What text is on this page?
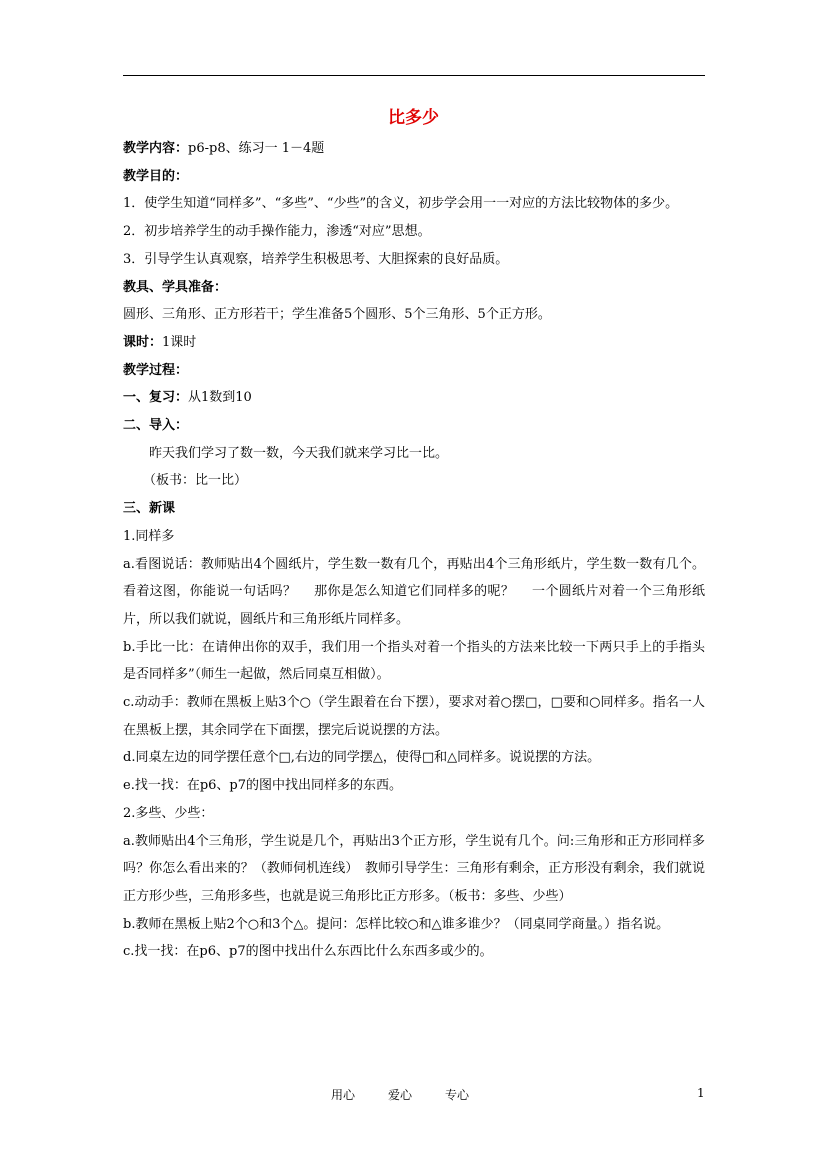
比多少
教学内容：p6-p8、练习一 1－4题
教学目的：
1．使学生知道“同样多”、“多些”、“少些”的含义，初步学会用一一对应的方法比较物体的多少。
2．初步培养学生的动手操作能力，渗透“对应”思想。
3．引导学生认真观察，培养学生积极思考、大胆探索的良好品质。
教具、学具准备：
圆形、三角形、正方形若干；学生准备5个圆形、5个三角形、5个正方形。
课时：1课时
教学过程：
一、复习：从1数到10
二、导入：
昨天我们学习了数一数，今天我们就来学习比一比。
（板书：比一比）
三、新课
1.同样多
a.看图说话：教师贴出4个圆纸片，学生数一数有几个，再贴出4个三角形纸片，学生数一数有几个。看着这图，你能说一句话吗？　 那你是怎么知道它们同样多的呢？　 一个圆纸片对着一个三角形纸片，所以我们就说，圆纸片和三角形纸片同样多。
b.手比一比：在请伸出你的双手，我们用一个指头对着一个指头的方法来比较一下两只手上的手指头是否同样多”（师生一起做，然后同桌互相做）。
c.动动手：教师在黑板上贴3个○（学生跟着在台下摆），要求对着○摆□，□要和○同样多。指名一人在黑板上摆，其余同学在下面摆，摆完后说说摆的方法。
d.同桌左边的同学摆任意个□,右边的同学摆△，使得□和△同样多。说说摆的方法。
e.找一找：在p6、p7的图中找出同样多的东西。
2.多些、少些：
a.教师贴出4个三角形，学生说是几个，再贴出3个正方形，学生说有几个。问:三角形和正方形同样多吗？你怎么看出来的？（教师伺机连线）　教师引导学生：三角形有剩余，正方形没有剩余，我们就说正方形少些，三角形多些，也就是说三角形比正方形多。（板书：多些、少些）
b.教师在黑板上贴2个○和3个△。提问：怎样比较○和△谁多谁少？（同桌同学商量。）指名说。
c.找一找：在p6、p7的图中找出什么东西比什么东西多或少的。
用心	爱心	专心	1
